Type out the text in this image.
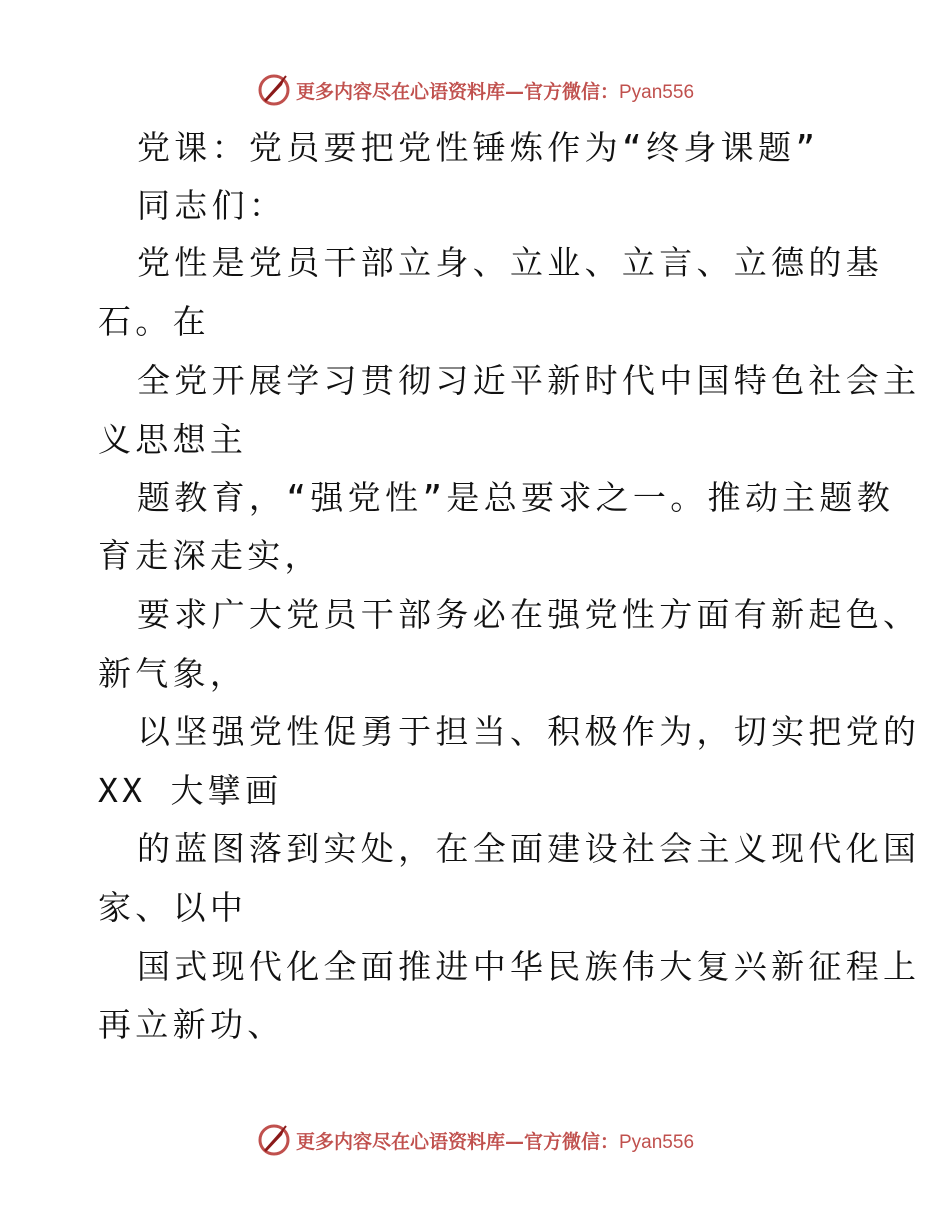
更多内容尽在心语资料库—官方微信：Pyan556
党课：党员要把党性锤炼作为“终身课题”
同志们：
党性是党员干部立身、立业、立言、立德的基
石。在
全党开展学习贯彻习近平新时代中国特色社会主
义思想主
题教育，“强党性”是总要求之一。推动主题教
育走深走实，
要求广大党员干部务必在强党性方面有新起色、
新气象，
以坚强党性促勇于担当、积极作为，切实把党的
XX 大擘画
的蓝图落到实处，在全面建设社会主义现代化国
家、以中
国式现代化全面推进中华民族伟大复兴新征程上
再立新功、
更多内容尽在心语资料库—官方微信：Pyan556
